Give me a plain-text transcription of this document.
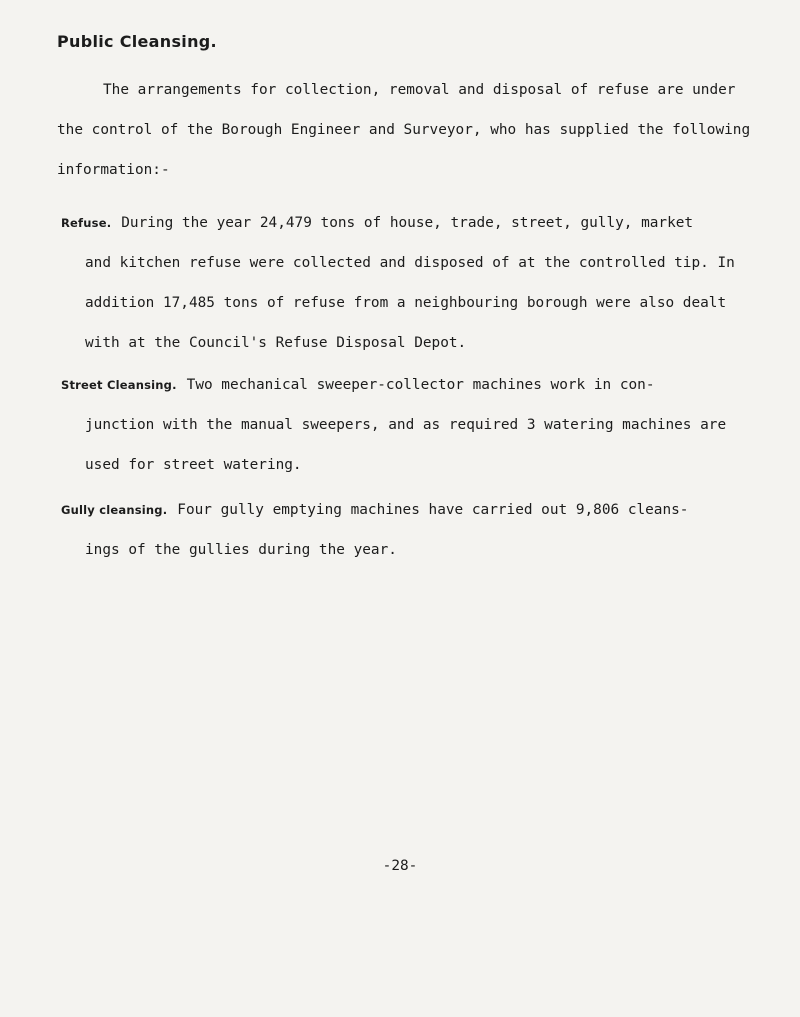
Public Cleansing.
The arrangements for collection, removal and disposal of refuse are under
the control of the Borough Engineer and Surveyor, who has supplied the following
information:-
Refuse. During the year 24,479 tons of house, trade, street, gully, market
and kitchen refuse were collected and disposed of at the controlled tip. In
addition 17,485 tons of refuse from a neighbouring borough were also dealt
with at the Council's Refuse Disposal Depot.
Street Cleansing. Two mechanical sweeper-collector machines work in con-
junction with the manual sweepers, and as required 3 watering machines are
used for street watering.
Gully cleansing. Four gully emptying machines have carried out 9,806 cleans-
ings of the gullies during the year.
-28-
